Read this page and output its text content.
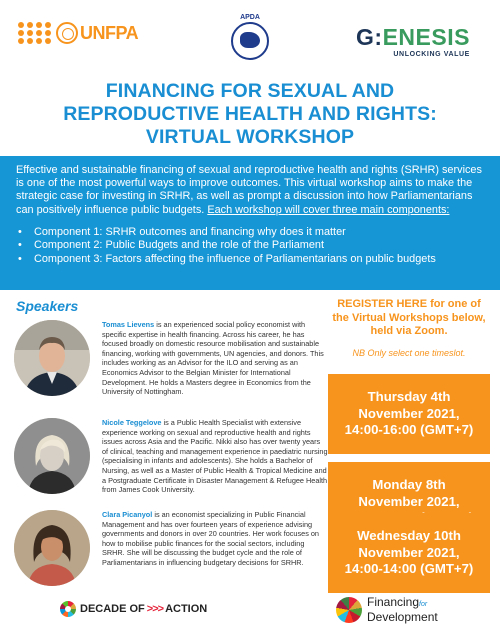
UNFPA
APDA
G:ENESIS
UNLOCKING VALUE
FINANCING FOR SEXUAL AND
REPRODUCTIVE HEALTH AND RIGHTS:
VIRTUAL WORKSHOP

Effective and sustainable financing of sexual and reproductive health and rights (SRHR) services is one of the most powerful ways to improve outcomes. This virtual workshop aims to make the strategic case for investing in SRHR, as well as prompt a discussion into how Parliamentarians can positively influence public budgets. Each workshop will cover three main components:

•	Component 1: SRHR outcomes and financing why does it matter
•	Component 2: Public Budgets and the role of the Parliament
•	Component 3: Factors affecting the influence of Parliamentarians on public budgets
Speakers

Tomas Lievens is an experienced social policy economist with specific expertise in health financing. Across his career, he has focused broadly on domestic resource mobilisation and sustainable financing, working with governments, UN agencies, and donors. This includes working as an Advisor for the ILO and serving as an Economics Advisor to the Belgian Minister for International Development. He holds a Masters degree in Economics from the University of Nottingham.

Nicole Teggelove is a Public Health Specialist with extensive experience working on sexual and reproductive health and rights issues across Asia and the Pacific. Nikki also has over twenty years of clinical, teaching and management experience in paediatric nursing (specialising in infants and adolescents). She holds a Bachelor of Nursing, as well as a Master of Public Health & Tropical Medicine and a Postgraduate Certificate in Disaster Management & Refugee Health from James Cook University.

Clara Picanyol is an economist specializing in Public Financial Management and has over fourteen years of experience advising governments and donors in over 20 countries. Her work focuses on how to mobilise public finances for the social sectors, including SRHR. She will be discussing the budget cycle and the role of Parliamentarians in influencing budgetary decisions for SRHR.

REGISTER HERE for one of the Virtual Workshops below, held via Zoom.
NB Only select one timeslot.
Thursday 4th
November 2021,
14:00-16:00 (GMT+7)
Monday 8th
November 2021,
Wednesday 10th
November 2021,
14:00-14:00 (GMT+7)
DECADE OF >>> ACTION	Financingfor
Development
